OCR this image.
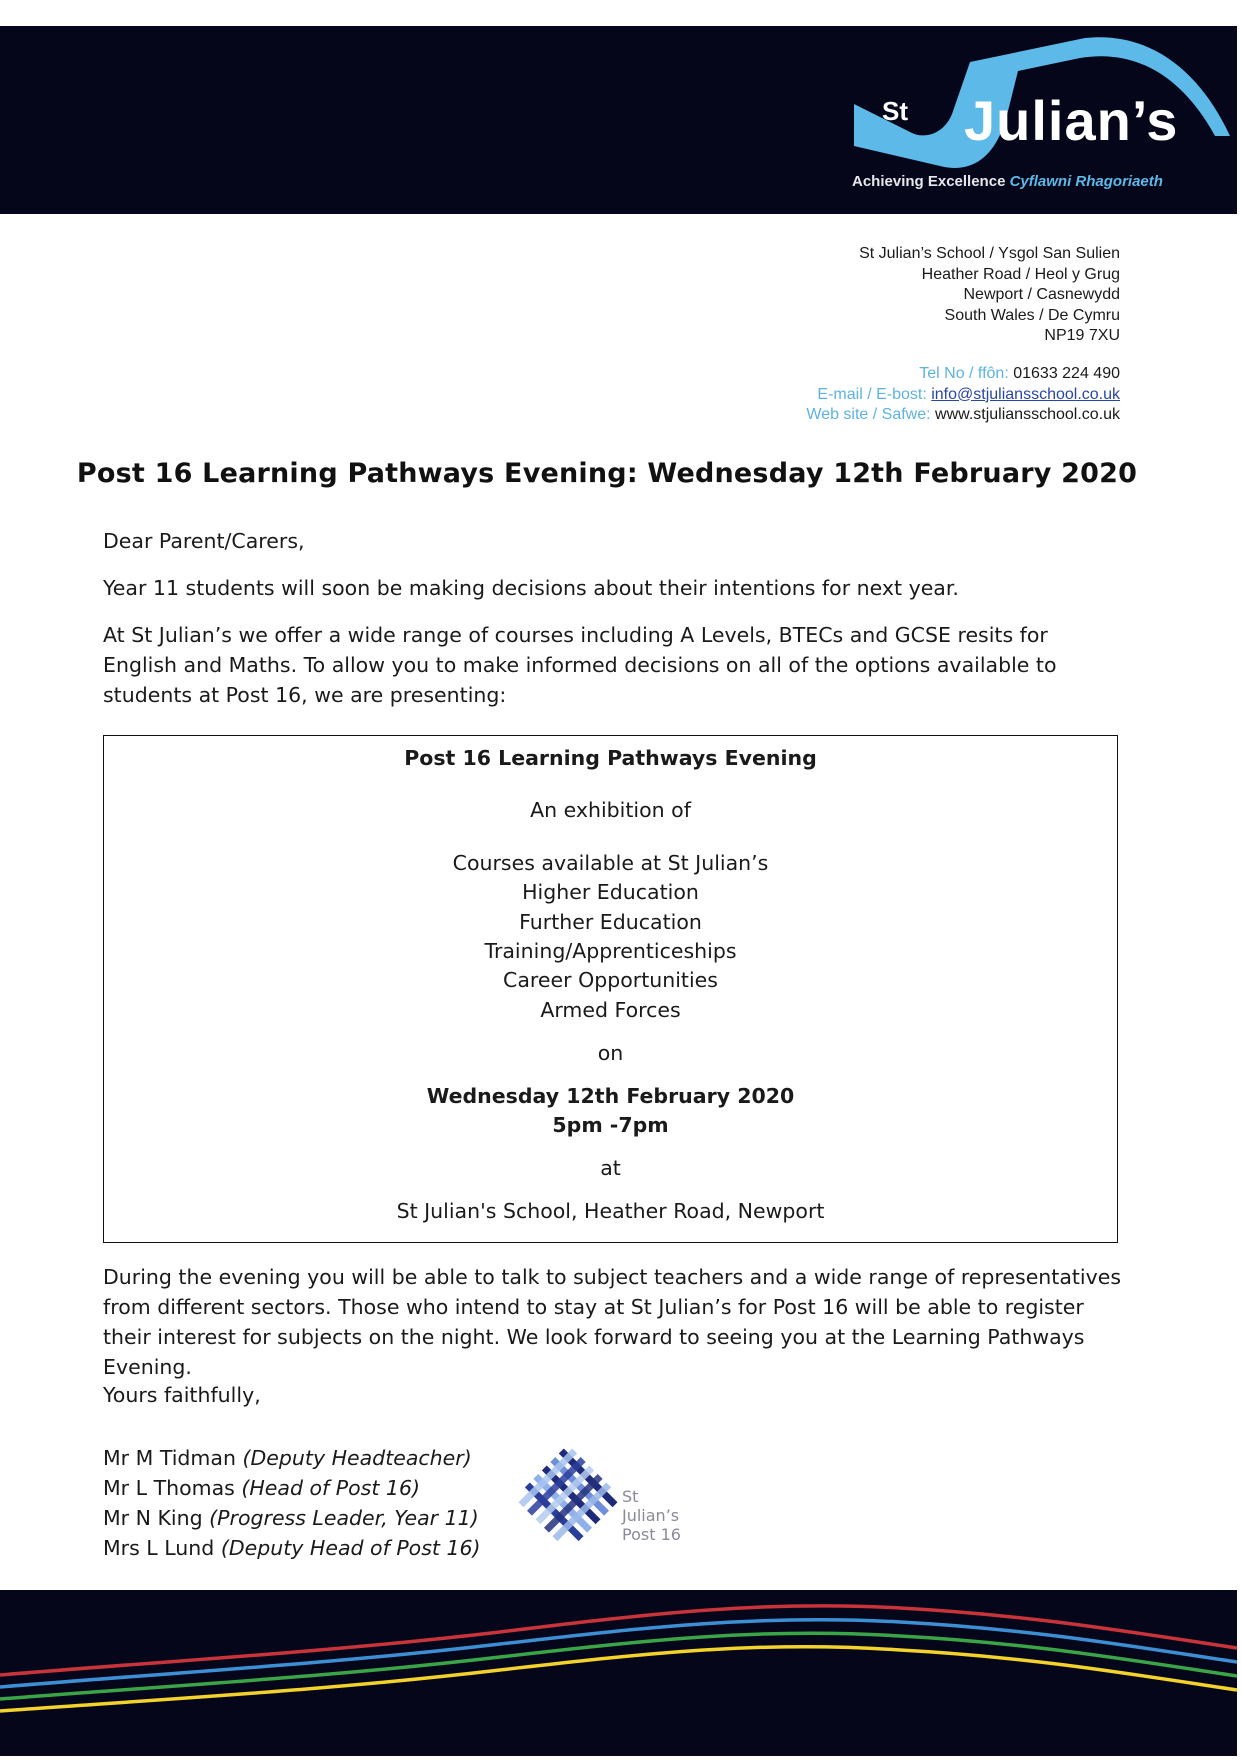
St Julian’s
Achieving Excellence Cyflawni Rhagoriaeth
St Julian’s School / Ysgol San Sulien
Heather Road / Heol y Grug
Newport / Casnewydd
South Wales / De Cymru
NP19 7XU
Tel No / ffôn: 01633 224 490
E-mail / E-bost: info@stjuliansschool.co.uk
Web site / Safwe: www.stjuliansschool.co.uk
Post 16 Learning Pathways Evening: Wednesday 12th February 2020
Dear Parent/Carers,
Year 11 students will soon be making decisions about their intentions for next year.
At St Julian’s we offer a wide range of courses including A Levels, BTECs and GCSE resits for English and Maths. To allow you to make informed decisions on all of the options available to students at Post 16, we are presenting:
Post 16 Learning Pathways Evening
An exhibition of
Courses available at St Julian’s
Higher Education
Further Education
Training/Apprenticeships
Career Opportunities
Armed Forces
on
Wednesday 12th February 2020
5pm -7pm
at
St Julian's School, Heather Road, Newport
During the evening you will be able to talk to subject teachers and a wide range of representatives from different sectors. Those who intend to stay at St Julian’s for Post 16 will be able to register their interest for subjects on the night. We look forward to seeing you at the Learning Pathways Evening.
Yours faithfully,
Mr M Tidman (Deputy Headteacher)
Mr L Thomas (Head of Post 16)
Mr N King (Progress Leader, Year 11)
Mrs L Lund (Deputy Head of Post 16)
St
Julian’s
Post 16
